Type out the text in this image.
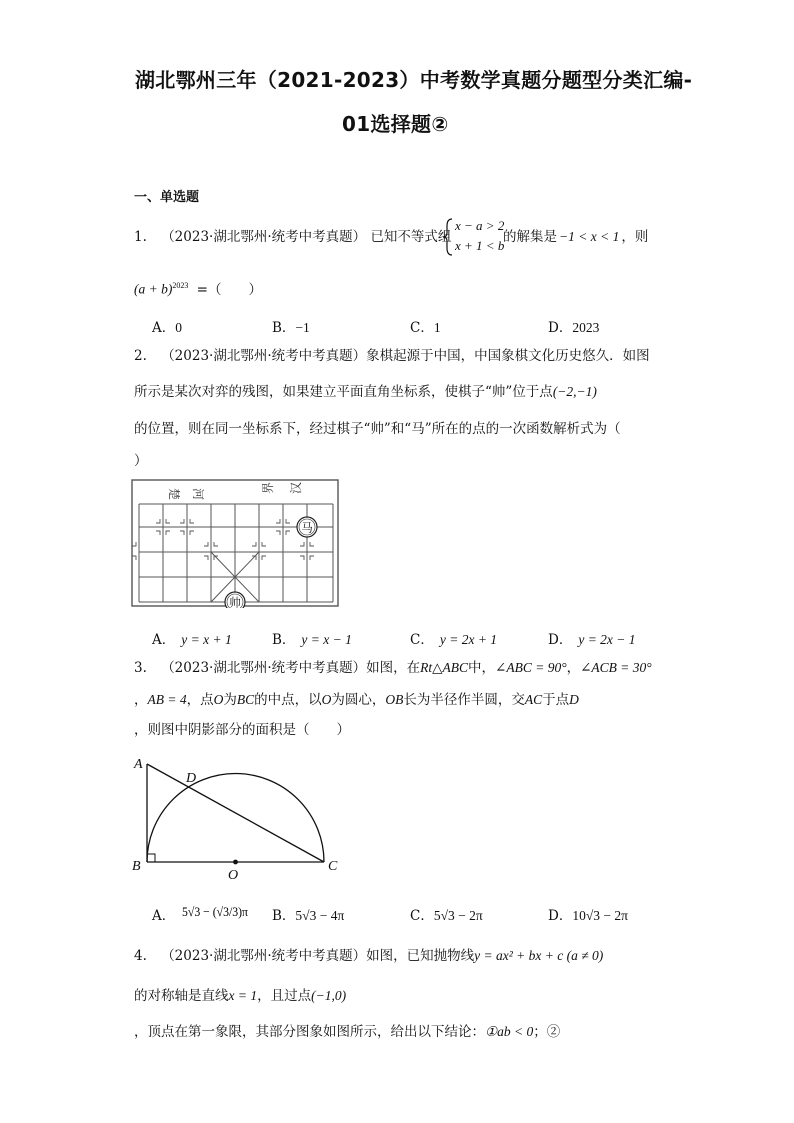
湖北鄂州三年（2021-2023）中考数学真题分题型分类汇编-
01选择题②
一、单选题
1. （2023·湖北鄂州·统考中考真题） 已知不等式组
x − a > 2
x + 1 < b
的解集是 −1 < x < 1 ，则
$(a + b)^{2023}$ =（　　）
A．0	B．−1	C．1	D．2023
2. （2023·湖北鄂州·统考中考真题）象棋起源于中国，中国象棋文化历史悠久．如图
所示是某次对弈的残图，如果建立平面直角坐标系，使棋子“帅”位于点(−2,−1)
的位置，则在同一坐标系下，经过棋子“帅”和“马”所在的点的一次函数解析式为（
）
楚 河
界 汉
马
帅
A． y = x + 1	B． y = x − 1	C． y = 2x + 1	D． y = 2x − 1
3. （2023·湖北鄂州·统考中考真题）如图，在Rt△ABC中，∠ABC = 90°，∠ACB = 30°
，AB = 4，点O为BC的中点，以O为圆心，OB长为半径作半圆，交AC于点D
，则图中阴影部分的面积是（　　）
A
B	C
D
O
A． 5√3 − (√3/3)π B．5√3 − 4π	C．5√3 − 2π	D．10√3 − 2π
4. （2023·湖北鄂州·统考中考真题）如图，已知抛物线y = ax² + bx + c (a ≠ 0)
的对称轴是直线x = 1，且过点(−1,0)
，顶点在第一象限，其部分图象如图所示，给出以下结论：①ab < 0；②
